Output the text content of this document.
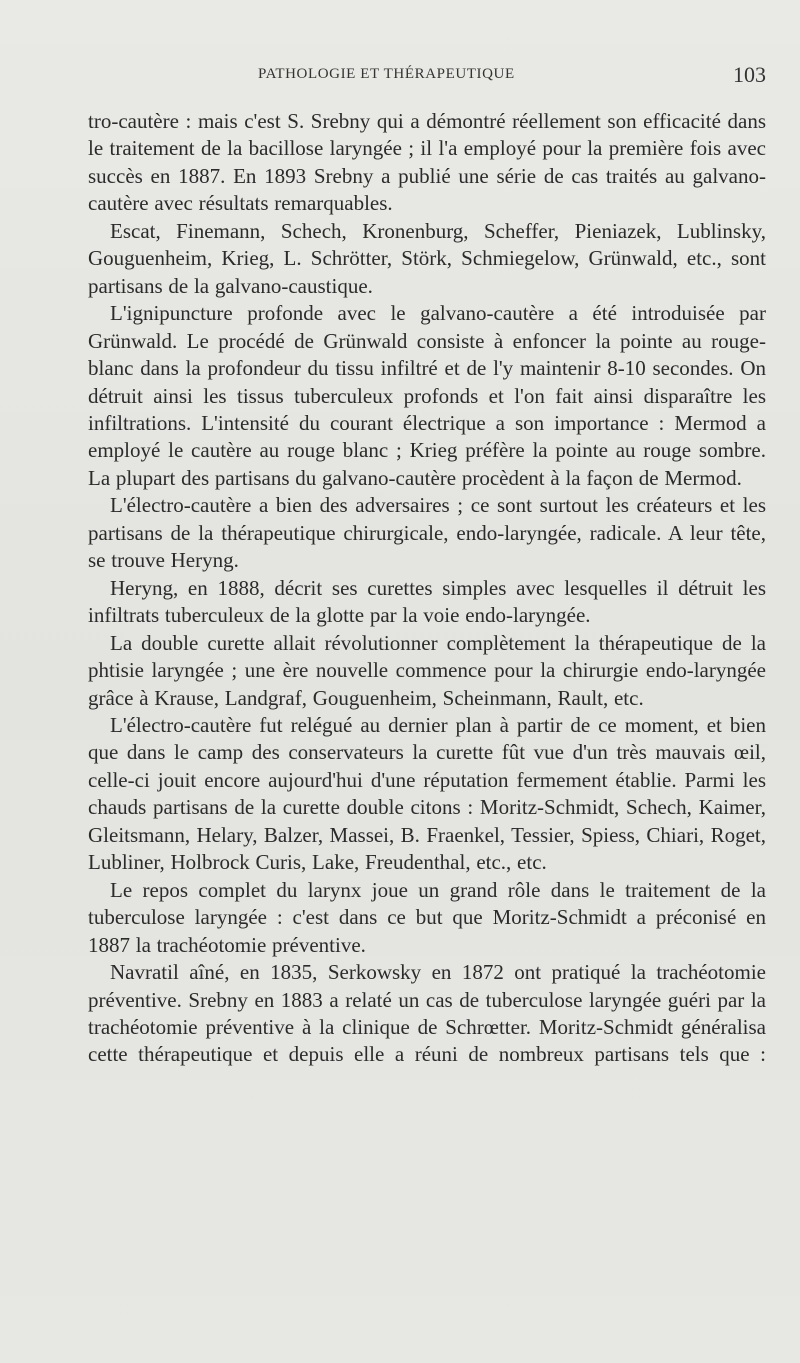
PATHOLOGIE ET THÉRAPEUTIQUE	103

tro-cautère : mais c'est S. Srebny qui a démontré réellement son efficacité dans le traitement de la bacillose laryngée ; il l'a employé pour la première fois avec succès en 1887. En 1893 Srebny a publié une série de cas traités au galvano-cautère avec résultats remarquables.

Escat, Finemann, Schech, Kronenburg, Scheffer, Pieniazek, Lublinsky, Gouguenheim, Krieg, L. Schrötter, Störk, Schmiegelow, Grünwald, etc., sont partisans de la galvano-caustique.

L'ignipuncture profonde avec le galvano-cautère a été introduisée par Grünwald. Le procédé de Grünwald consiste à enfoncer la pointe au rouge-blanc dans la profondeur du tissu infiltré et de l'y maintenir 8-10 secondes. On détruit ainsi les tissus tuberculeux profonds et l'on fait ainsi disparaître les infiltrations. L'intensité du courant électrique a son importance : Mermod a employé le cautère au rouge blanc ; Krieg préfère la pointe au rouge sombre. La plupart des partisans du galvano-cautère procèdent à la façon de Mermod.

L'électro-cautère a bien des adversaires ; ce sont surtout les créateurs et les partisans de la thérapeutique chirurgicale, endo-laryngée, radicale. A leur tête, se trouve Heryng.

Heryng, en 1888, décrit ses curettes simples avec lesquelles il détruit les infiltrats tuberculeux de la glotte par la voie endo-laryngée.

La double curette allait révolutionner complètement la thérapeutique de la phtisie laryngée ; une ère nouvelle commence pour la chirurgie endo-laryngée grâce à Krause, Landgraf, Gouguenheim, Scheinmann, Rault, etc.

L'électro-cautère fut relégué au dernier plan à partir de ce moment, et bien que dans le camp des conservateurs la curette fût vue d'un très mauvais œil, celle-ci jouit encore aujourd'hui d'une réputation fermement établie. Parmi les chauds partisans de la curette double citons : Moritz-Schmidt, Schech, Kaimer, Gleitsmann, Helary, Balzer, Massei, B. Fraenkel, Tessier, Spiess, Chiari, Roget, Lubliner, Holbrock Curis, Lake, Freudenthal, etc., etc.

Le repos complet du larynx joue un grand rôle dans le traitement de la tuberculose laryngée : c'est dans ce but que Moritz-Schmidt a préconisé en 1887 la trachéotomie préventive.

Navratil aîné, en 1835, Serkowsky en 1872 ont pratiqué la trachéotomie préventive. Srebny en 1883 a relaté un cas de tuberculose laryngée guéri par la trachéotomie préventive à la clinique de Schrœtter. Moritz-Schmidt généralisa cette thérapeutique et depuis elle a réuni de nombreux partisans tels que :
